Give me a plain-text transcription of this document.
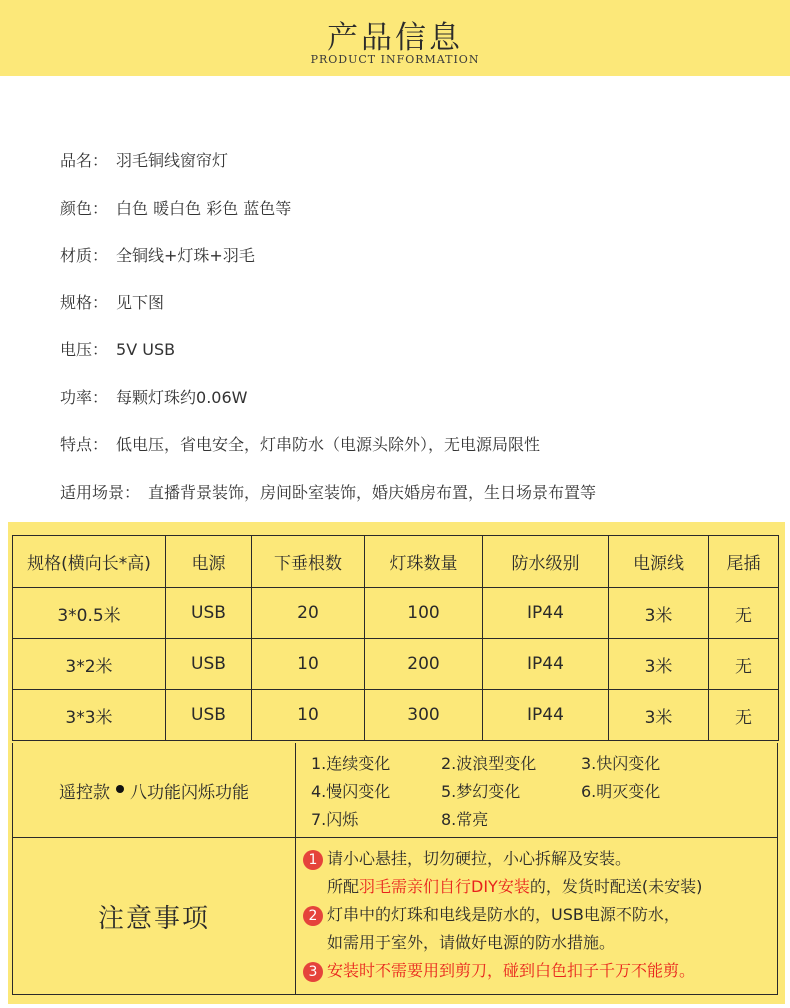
产品信息
PRODUCT INFORMATION
品名： 羽毛铜线窗帘灯
颜色： 白色 暖白色 彩色 蓝色等
材质： 全铜线+灯珠+羽毛
规格： 见下图
电压： 5V USB
功率： 每颗灯珠约0.06W
特点： 低电压，省电安全，灯串防水（电源头除外），无电源局限性
适用场景： 直播背景装饰，房间卧室装饰，婚庆婚房布置，生日场景布置等
规格(横向长*高)	电源	下垂根数	灯珠数量	防水级别	电源线	尾插
3*0.5米	USB	20	100	IP44	3米	无
3*2米	USB	10	200	IP44	3米	无
3*3米	USB	10	300	IP44	3米	无
遥控款 八功能闪烁功能
1.连续变化	2.波浪型变化	3.快闪变化
4.慢闪变化	5.梦幻变化	6.明灭变化
7.闪烁	8.常亮
注意事项
1 请小心悬挂，切勿硬拉，小心拆解及安装。
所配羽毛需亲们自行DIY安装的，发货时配送(未安装)
2 灯串中的灯珠和电线是防水的，USB电源不防水，
如需用于室外，请做好电源的防水措施。
3 安装时不需要用到剪刀，碰到白色扣子千万不能剪。
